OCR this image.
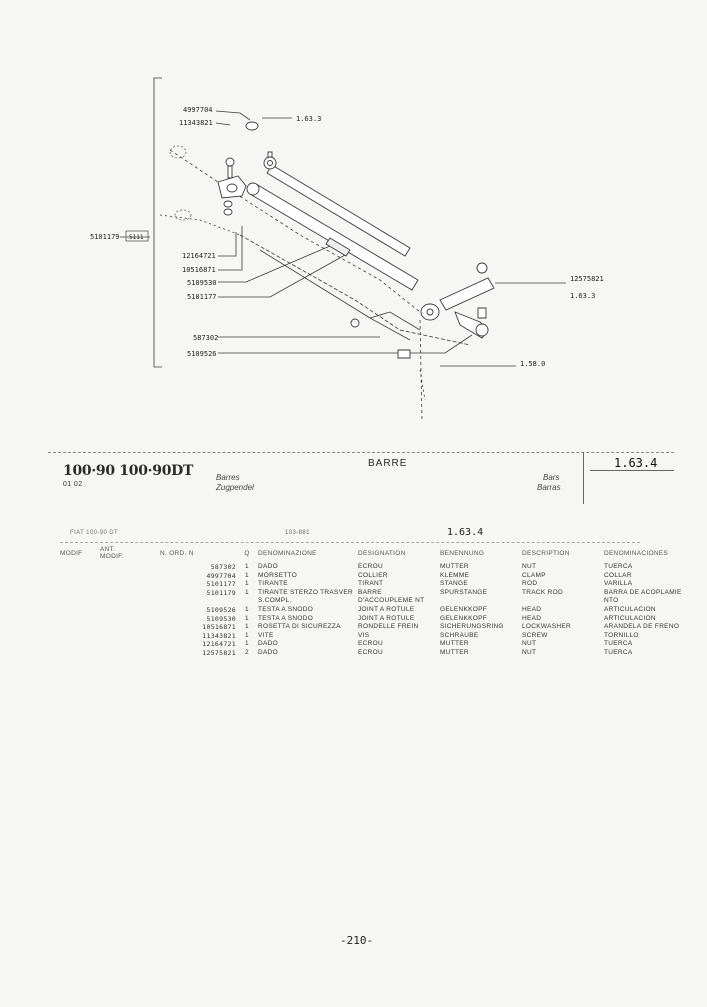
4997704
11343821	1.63.3
5101179
12164721
10516871
5109530
5101177
12575821
1.63.3
587302
5109526
1.58.0
5111
100·90 100·90DT
01 02
BARRE
Barres
Zugpendel
Bars
Barras
1.63.4
FIAT 100-90 DT	103-881	1.63.4
MODIF	ANT. MODIF.	N. ORD. N	Q	DENOMINAZIONE	DESIGNATION	BENENNUNG	DESCRIPTION	DENOMINACIONES
		587302	1	DADO	ECROU	MUTTER	NUT	TUERCA
		4997704	1	MORSETTO	COLLIER	KLEMME	CLAMP	COLLAR
		5101177	1	TIRANTE	TIRANT	STANGE	ROD	VARILLA
		5101179	1	TIRANTE STERZO TRASVER S.COMPL.	BARRE D'ACCOUPLEME NT	SPURSTANGE	TRACK ROD	BARRA DE ACOPLAMIE NTO
		5109526	1	TESTA A SNODO	JOINT A ROTULE	GELENKKOPF	HEAD	ARTICULACION
		5109530	1	TESTA A SNODO	JOINT A ROTULE	GELENKKOPF	HEAD	ARTICULACION
		10516871	1	ROSETTA DI SICUREZZA	RONDELLE FREIN	SICHERUNGSRING	LOCKWASHER	ARANDELA DE FRENO
		11343821	1	VITE	VIS	SCHRAUBE	SCREW	TORNILLO
		12164721	1	DADO	ECROU	MUTTER	NUT	TUERCA
		12575821	2	DADO	ECROU	MUTTER	NUT	TUERCA
-210-
